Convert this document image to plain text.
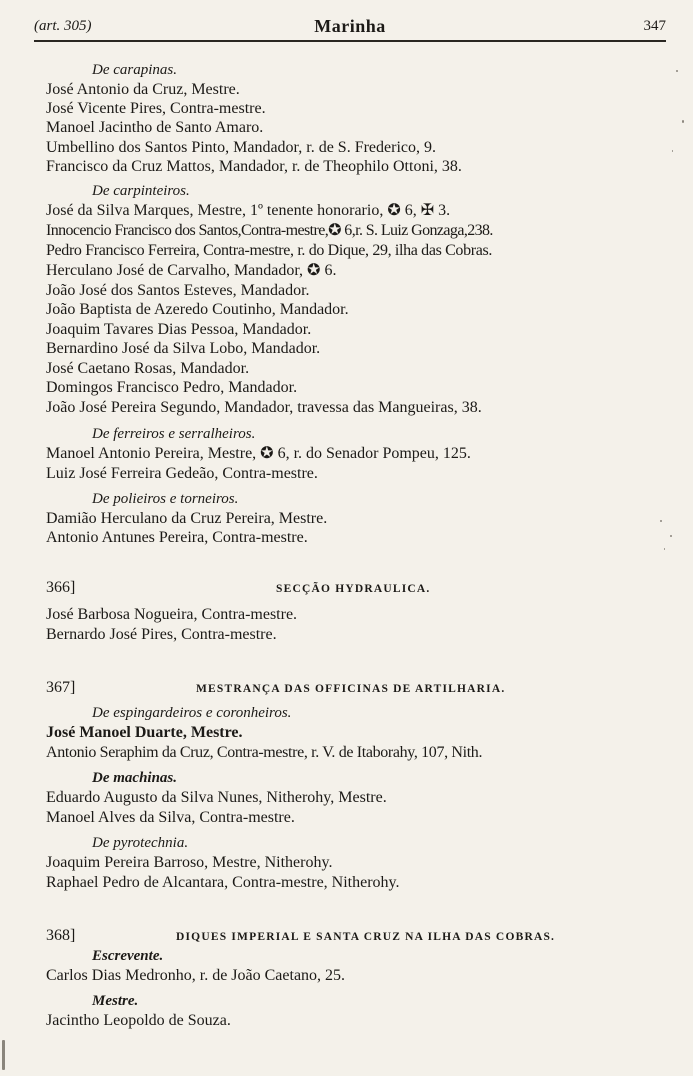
(art. 305)	Marinha	347
De carapinas.
José Antonio da Cruz, Mestre.
José Vicente Pires, Contra-mestre.
Manoel Jacintho de Santo Amaro.
Umbellino dos Santos Pinto, Mandador, r. de S. Frederico, 9.
Francisco da Cruz Mattos, Mandador, r. de Theophilo Ottoni, 38.
De carpinteiros.
José da Silva Marques, Mestre, 1º tenente honorario, ✪ 6, ✠ 3.
Innocencio Francisco dos Santos,Contra-mestre,✪ 6,r. S. Luiz Gonzaga,238.
Pedro Francisco Ferreira, Contra-mestre, r. do Dique, 29, ilha das Cobras.
Herculano José de Carvalho, Mandador, ✪ 6.
João José dos Santos Esteves, Mandador.
João Baptista de Azeredo Coutinho, Mandador.
Joaquim Tavares Dias Pessoa, Mandador.
Bernardino José da Silva Lobo, Mandador.
José Caetano Rosas, Mandador.
Domingos Francisco Pedro, Mandador.
João José Pereira Segundo, Mandador, travessa das Mangueiras, 38.
De ferreiros e serralheiros.
Manoel Antonio Pereira, Mestre, ✪ 6, r. do Senador Pompeu, 125.
Luiz José Ferreira Gedeão, Contra-mestre.
De polieiros e torneiros.
Damião Herculano da Cruz Pereira, Mestre.
Antonio Antunes Pereira, Contra-mestre.
366]	SECÇÃO HYDRAULICA.
José Barbosa Nogueira, Contra-mestre.
Bernardo José Pires, Contra-mestre.
367]	MESTRANÇA DAS OFFICINAS DE ARTILHARIA.
De espingardeiros e coronheiros.
José Manoel Duarte, Mestre.
Antonio Seraphim da Cruz, Contra-mestre, r. V. de Itaborahy, 107, Nith.
De machinas.
Eduardo Augusto da Silva Nunes, Nitherohy, Mestre.
Manoel Alves da Silva, Contra-mestre.
De pyrotechnia.
Joaquim Pereira Barroso, Mestre, Nitherohy.
Raphael Pedro de Alcantara, Contra-mestre, Nitherohy.
368]	DIQUES IMPERIAL E SANTA CRUZ NA ILHA DAS COBRAS.
Escrevente.
Carlos Dias Medronho, r. de João Caetano, 25.
Mestre.
Jacintho Leopoldo de Souza.
